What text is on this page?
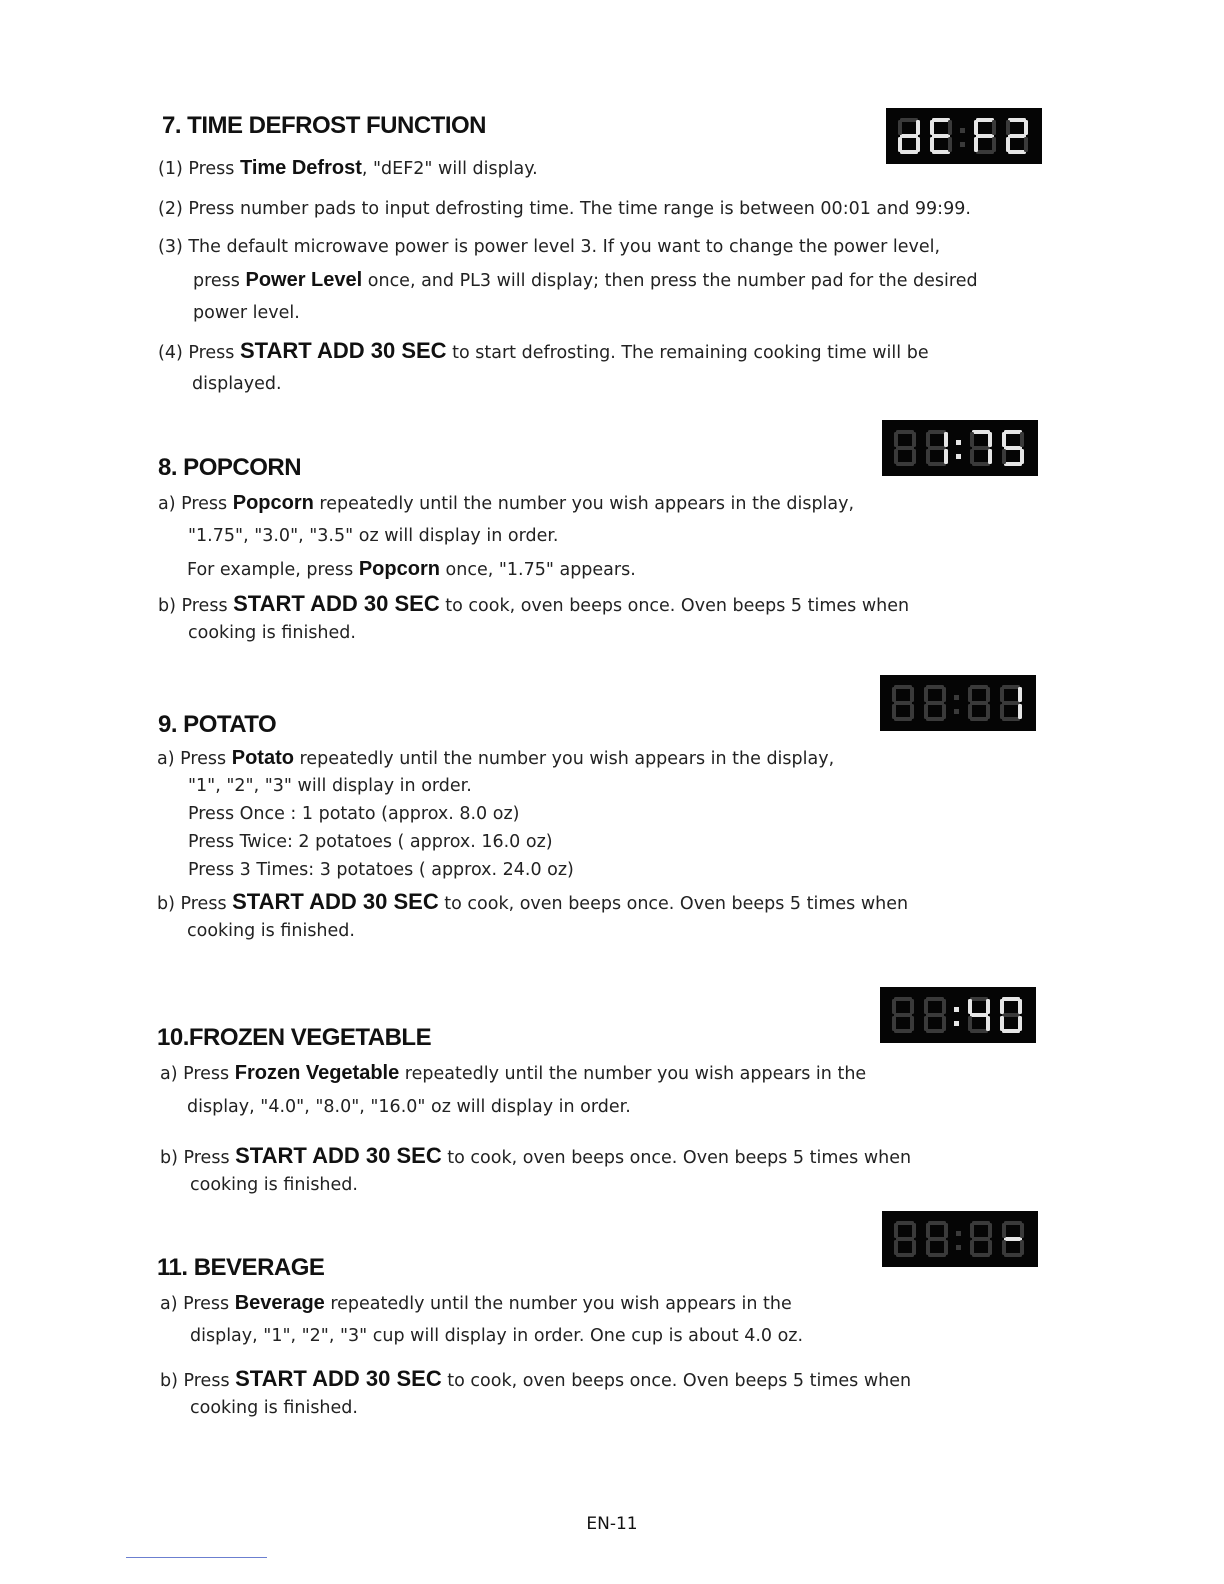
7. TIME DEFROST FUNCTION

(1) Press Time Defrost, "dEF2" will display.

(2) Press number pads to input defrosting time. The time range is between 00:01 and 99:99.

(3) The default microwave power is power level 3. If you want to change the power level,

press Power Level once, and PL3 will display; then press the number pad for the desired

power level.

(4) Press START ADD 30 SEC to start defrosting. The remaining cooking time will be

displayed.

8. POPCORN

a) Press Popcorn repeatedly until the number you wish appears in the display,

"1.75", "3.0", "3.5" oz will display in order.

For example, press Popcorn once, "1.75" appears.

b) Press START ADD 30 SEC to cook, oven beeps once. Oven beeps 5 times when

cooking is finished.

9. POTATO

a) Press Potato repeatedly until the number you wish appears in the display,

"1", "2", "3" will display in order.

Press Once : 1 potato (approx. 8.0 oz)

Press Twice: 2 potatoes ( approx. 16.0 oz)

Press 3 Times: 3 potatoes ( approx. 24.0 oz)

b) Press START ADD 30 SEC to cook, oven beeps once. Oven beeps 5 times when

cooking is finished.

10.FROZEN VEGETABLE

a) Press Frozen Vegetable repeatedly until the number you wish appears in the

display, "4.0", "8.0", "16.0" oz will display in order.

b) Press START ADD 30 SEC to cook, oven beeps once. Oven beeps 5 times when

cooking is finished.

11. BEVERAGE

a) Press Beverage repeatedly until the number you wish appears in the

display, "1", "2", "3" cup will display in order. One cup is about 4.0 oz.

b) Press START ADD 30 SEC to cook, oven beeps once. Oven beeps 5 times when

cooking is finished.

EN-11
